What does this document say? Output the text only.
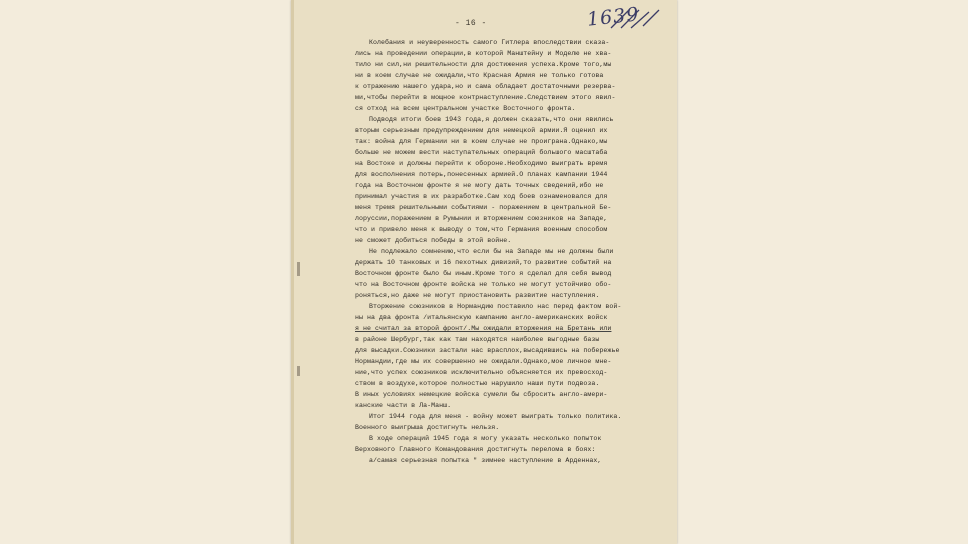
- 16 -	1639
Колебания и неуверенность самого Гитлера впоследствии сказа-
лись на проведении операции,в которой Манштейну и Моделю не хва-
тило ни сил,ни решительности для достижения успеха.Кроме того,мы
ни в коем случае не ожидали,что Красная Армия не только готова
к отражению нашего удара,но и сама обладает достаточными резерва-
ми,чтобы перейти в мощное контрнаступление.Следствием этого явил-
ся отход на всем центральном участке Восточного фронта.
Подводя итоги боев 1943 года,я должен сказать,что они явились
вторым серьезным предупреждением для немецкой армии.Я оценил их
так: война для Германии ни в коем случае не проиграна.Однако,мы
больше не можем вести наступательных операций большого масштаба
на Востоке и должны перейти к обороне.Необходимо выиграть время
для восполнения потерь,понесенных армией.О планах кампании 1944
года на Восточном фронте я не могу дать точных сведений,ибо не
принимал участия в их разработке.Сам ход боев ознаменовался для
меня тремя решительными событиями - поражением в центральной Бе-
лоруссии,поражением в Румынии и вторжением союзников на Западе,
что и привело меня к выводу о том,что Германия военным способом
не сможет добиться победы в этой войне.
Не подлежало сомнению,что если бы на Западе мы не должны были
держать 10 танковых и 16 пехотных дивизий,то развитие событий на
Восточном фронте было бы иным.Кроме того я сделал для себя вывод
что на Восточном фронте войска не только не могут устойчиво обо-
роняться,но даже не могут приостановить развитие наступления.
Вторжение союзников в Нормандию поставило нас перед фактом вой-
ны на два фронта /итальянскую кампанию англо-американских войск
я не считал за второй фронт/.Мы ожидали вторжения на Бретань или
в районе Шербург,так как там находятся наиболее выгодные базы
для высадки.Союзники застали нас врасплох,высадившись на побережье
Нормандии,где мы их совершенно не ожидали.Однако,мое личное мне-
ние,что успех союзников исключительно объясняется их превосход-
ством в воздухе,которое полностью нарушило наши пути подвоза.
В иных условиях немецкие войска сумели бы сбросить англо-амери-
канские части в Ла-Манш.
Итог 1944 года для меня - войну может выиграть только политика.
Военного выигрыша достигнуть нельзя.
В ходе операций 1945 года я могу указать несколько попыток
Верховного Главного Командования достигнуть перелома в боях:
а/самая серьезная попытка " зимнее наступление в Арденнах,
